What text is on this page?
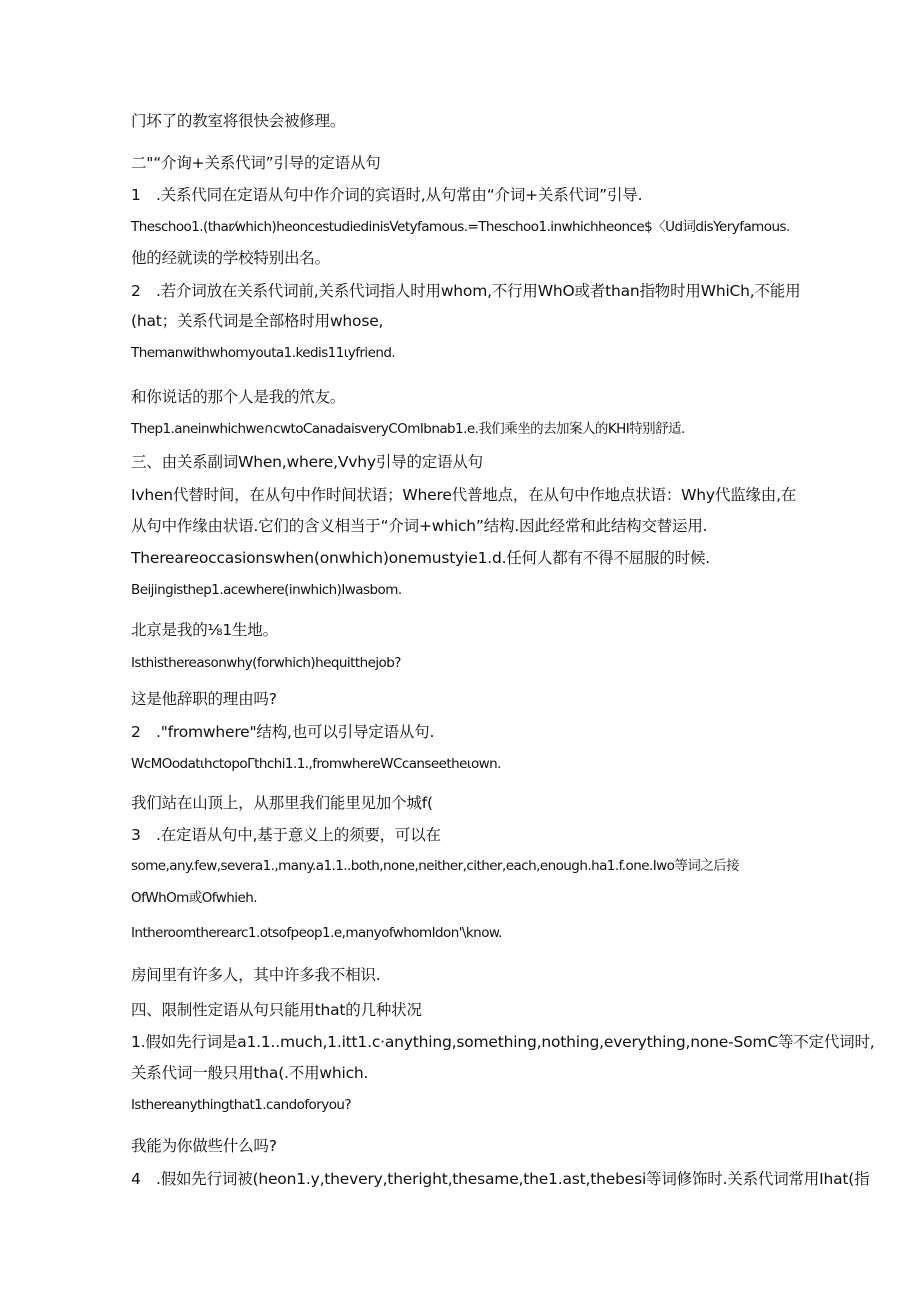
门坏了的教室将很快会被修理。
二"“介询+关系代词”引导的定语从句
1　.关系代同在定语从句中作介词的宾语时,从句常由“介词+关系代词”引导.
Theschoo1.(thar⁄which)heoncestudiedinisVetyfamous.=Theschoo1.inwhichheonce$〈Ud词disYeryfamous.
他的经就读的学校特别出名。
2　.若介词放在关系代词前,关系代词指人时用whom,不行用WhO或者than指物时用WhiCh,不能用
(hat；关系代词是全部格时用whose,
Themanwithwhomyouta1.kedis11ιyfriend.
和你说话的那个人是我的笊友。
Thep1.aneinwhichwe∩cwtoCanadaisveryCOmIbnab1.e.我们乘坐的去加案人的KHI特别舒适.
三、由关系副词When,where,Vvhy引导的定语从句
Ivhen代替时间，在从句中作时间状语；Where代普地点，在从句中作地点状语：Why代监缘由,在
从句中作缘由状语.它们的含义相当于“介词+which”结构.因此经常和此结构交替运用.
Thereareoccasionswhen(onwhich)onemustyie1.d.任何人都有不得不屈服的时候.
Beijingisthep1.acewhere(inwhich)Iwasbom.
北京是我的⅛1生地。
Isthisthereasonwhy(forwhich)hequitthejob?
这是他辞职的理由吗?
2　."fromwhere"结构,也可以引导定语从句.
WcMOodatιhctopoΓthchi1.1.,fromwhereWCcanseetheιown.
我们站在山顶上，从那里我们能里见加个城f(
3　.在定语从句中,基于意义上的须要，可以在
some,any.few,severa1.,many.a1.1..both,none,neither,cither,each,enough.ha1.f.one.Iwo等词之后接
OfWhOm或Ofwhieh.
Intheroomtherearc1.otsofpeop1.e,manyofwhomIdon'\know.
房间里有许多人，其中许多我不相识.
四、限制性定语从句只能用that的几种状况
1.假如先行词是a1.1..much,1.itt1.c·anything,something,nothing,everything,none-SomC等不定代词时,
关系代词一般只用tha(.不用which.
Isthereanythingthat1.candoforyou?
我能为你做些什么吗?
4　.假如先行词被(heon1.y,thevery,theright,thesame,the1.ast,thebesi等词修饰时.关系代词常用Ihat(指
